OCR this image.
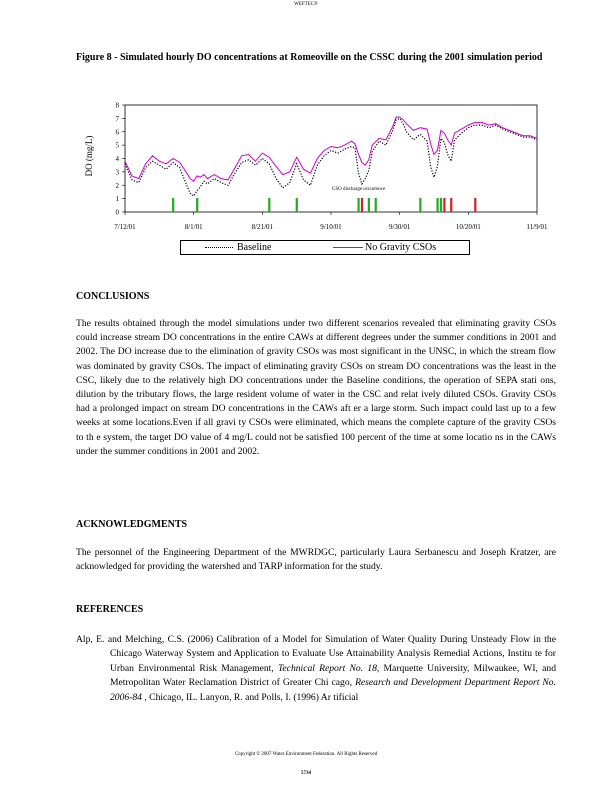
WEFTEC®
Figure 8 - Simulated hourly DO concentrations at Romeoville on the CSSC during the 2001 simulation period
0
1
2
3
4
5
6
7
8
7/12/01	8/1/01	8/21/01	9/10/01	9/30/01	10/20/01	11/9/01
CSO discharge occurrence
DO (mg/L)
Baseline	No Gravity CSOs
CONCLUSIONS

The results obtained through the model simulations under two different scenarios revealed that eliminating gravity CSOs could increase stream DO concentrations in the entire CAWs at different degrees under the summer conditions in 2001 and 2002. The DO increase due to the elimination of gravity CSOs was most significant in the UNSC, in which the stream flow was dominated by gravity CSOs. The impact of eliminating gravity CSOs on stream DO concentrations was the least in the CSC, likely due to the relatively high DO concentrations under the Baseline conditions, the operation of SEPA stati ons, dilution by the tributary flows, the large resident volume of water in the CSC and relat ively diluted CSOs. Gravity CSOs had a prolonged impact on stream DO concentrations in the CAWs aft er a large storm. Such impact could last up to a few weeks at some locations.Even if all gravi ty CSOs were eliminated, which means the complete capture of the gravity CSOs to th e system, the target DO value of 4 mg/L could not be satisfied 100 percent of the time at some locatio ns in the CAWs under the summer conditions in 2001 and 2002.

ACKNOWLEDGMENTS

The personnel of the Engineering Department of the MWRDGC, particularly Laura Serbanescu and Joseph Kratzer, are acknowledged for providing the watershed and TARP information for the study.

REFERENCES

Alp, E. and Melching, C.S. (2006) Calibration of a Model for Simulation of Water Quality During Unsteady Flow in the Chicago Waterway System and Application to Evaluate Use Attainability Analysis Remedial Actions, Institu te for Urban Environmental Risk Management, Technical Report No. 18, Marquette University, Milwaukee, WI, and Metropolitan Water Reclamation District of Greater Chi cago, Research and Development Department Report No. 2006-84 , Chicago, IL. Lanyon, R. and Polls, I. (1996) Ar tificial

Copyright © 2007 Water Environment Federation. All Rights Reserved
5734
